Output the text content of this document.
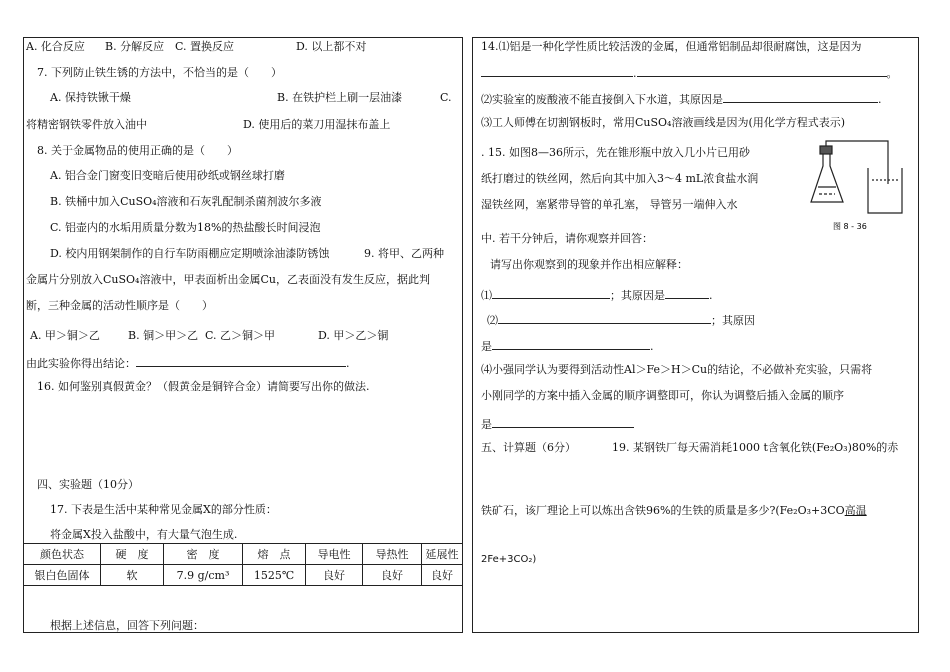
A. 化合反应 B. 分解反应 C. 置换反应	D. 以上都不对
7. 下列防止铁生锈的方法中，不恰当的是（　　）
A. 保持铁锹干燥	B. 在铁护栏上刷一层油漆	C.
将精密钢铁零件放入油中	D. 使用后的菜刀用湿抹布盖上
8. 关于金属物品的使用正确的是（　　）
A. 铝合金门窗变旧变暗后使用砂纸或钢丝球打磨
B. 铁桶中加入CuSO₄溶液和石灰乳配制杀菌剂波尔多液
C. 铝壶内的水垢用质量分数为18%的热盐酸长时间浸泡
D. 校内用钢架制作的自行车防雨棚应定期喷涂油漆防锈蚀	9. 将甲、乙两种
金属片分别放入CuSO₄溶液中，甲表面析出金属Cu，乙表面没有发生反应，据此判
断，三种金属的活动性顺序是（　　）
A. 甲＞铜＞乙	B. 铜＞甲＞乙 C. 乙＞铜＞甲	D. 甲＞乙＞铜
由此实验你得出结论：	.
16. 如何鉴别真假黄金？（假黄金是铜锌合金）请简要写出你的做法.
四、实验题（10分）
17. 下表是生活中某种常见金属X的部分性质：
将金属X投入盐酸中，有大量气泡生成.
颜色状态	硬　度	密　度	熔　点	导电性	导热性	延展性
银白色固体	软	7.9 g/cm³	1525℃	良好	良好	良好
根据上述信息，回答下列问题：
14.⑴铝是一种化学性质比较活泼的金属，但通常铝制品却很耐腐蚀，这是因为
.	。
⑵实验室的废酸液不能直接倒入下水道，其原因是	.
⑶工人师傅在切割钢板时，常用CuSO₄溶液画线是因为(用化学方程式表示)
. 15. 如图8—36所示，先在锥形瓶中放入几小片已用砂
纸打磨过的铁丝网，然后向其中加入3～4 mL浓食盐水润
湿铁丝网，塞紧带导管的单孔塞， 导管另一端伸入水
中. 若干分钟后，请你观察并回答：
图 8 - 36
请写出你观察到的现象并作出相应解释：
⑴	；其原因是	.
⑵	；其原因
是	.
⑷小强同学认为要得到活动性Al＞Fe＞H＞Cu的结论，不必做补充实验，只需将
小刚同学的方案中插入金属的顺序调整即可，你认为调整后插入金属的顺序
是
五、计算题（6分）	19. 某钢铁厂每天需消耗1000 t含氧化铁(Fe₂O₃)80%的赤
铁矿石，该厂理论上可以炼出含铁96%的生铁的质量是多少?(Fe₂O₃+3CO高温
2Fe+3CO₂)
